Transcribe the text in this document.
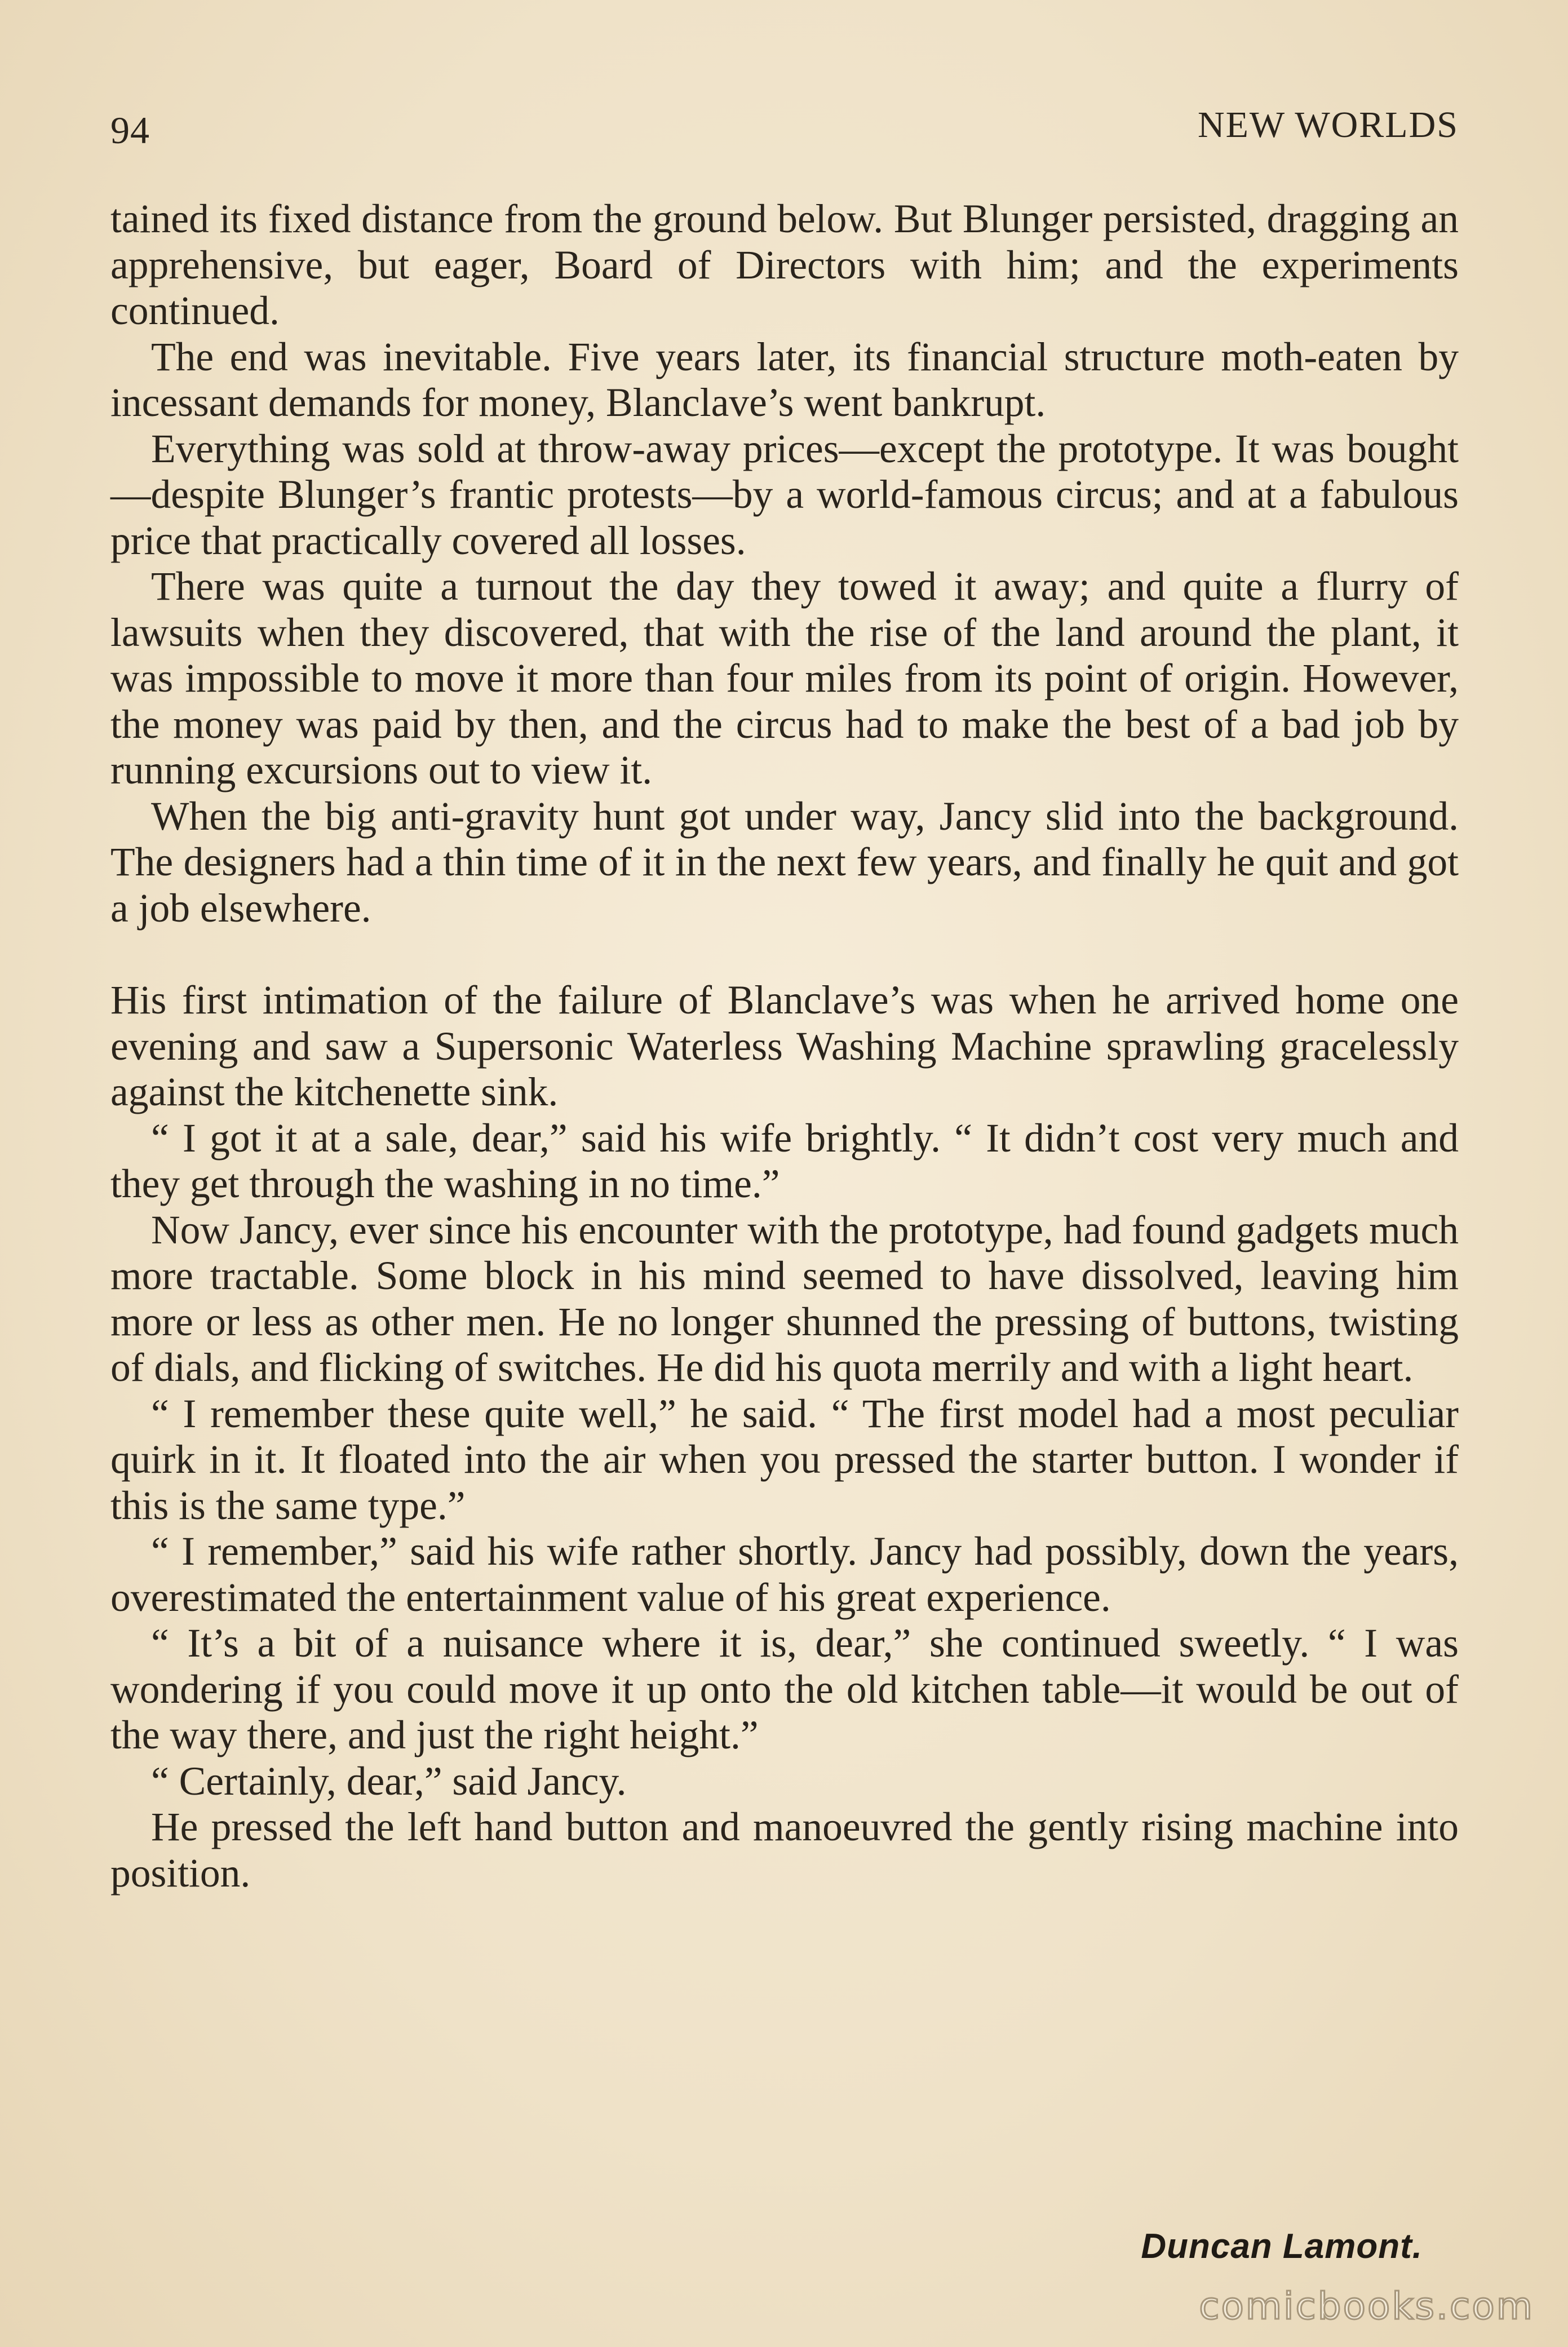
94	NEW WORLDS

tained its fixed distance from the ground below. But Blunger persisted, dragging an apprehensive, but eager, Board of Directors with him; and the experiments continued.

The end was inevitable. Five years later, its financial structure moth-eaten by incessant demands for money, Blanclave’s went bankrupt.

Everything was sold at throw-away prices—except the prototype. It was bought—despite Blunger’s frantic protests—by a world-famous circus; and at a fabulous price that practically covered all losses.

There was quite a turnout the day they towed it away; and quite a flurry of lawsuits when they discovered, that with the rise of the land around the plant, it was impossible to move it more than four miles from its point of origin. However, the money was paid by then, and the circus had to make the best of a bad job by running excursions out to view it.

When the big anti-gravity hunt got under way, Jancy slid into the background. The designers had a thin time of it in the next few years, and finally he quit and got a job elsewhere.

His first intimation of the failure of Blanclave’s was when he arrived home one evening and saw a Supersonic Waterless Washing Machine sprawling gracelessly against the kitchenette sink.

“ I got it at a sale, dear,” said his wife brightly. “ It didn’t cost very much and they get through the washing in no time.”

Now Jancy, ever since his encounter with the prototype, had found gadgets much more tractable. Some block in his mind seemed to have dissolved, leaving him more or less as other men. He no longer shunned the pressing of buttons, twisting of dials, and flicking of switches. He did his quota merrily and with a light heart.

“ I remember these quite well,” he said. “ The first model had a most peculiar quirk in it. It floated into the air when you pressed the starter button. I wonder if this is the same type.”

“ I remember,” said his wife rather shortly. Jancy had possibly, down the years, overestimated the entertainment value of his great experience.

“ It’s a bit of a nuisance where it is, dear,” she continued sweetly. “ I was wondering if you could move it up onto the old kitchen table—it would be out of the way there, and just the right height.”

“ Certainly, dear,” said Jancy.

He pressed the left hand button and manoeuvred the gently rising machine into position.

Duncan Lamont.
comicbooks.com
